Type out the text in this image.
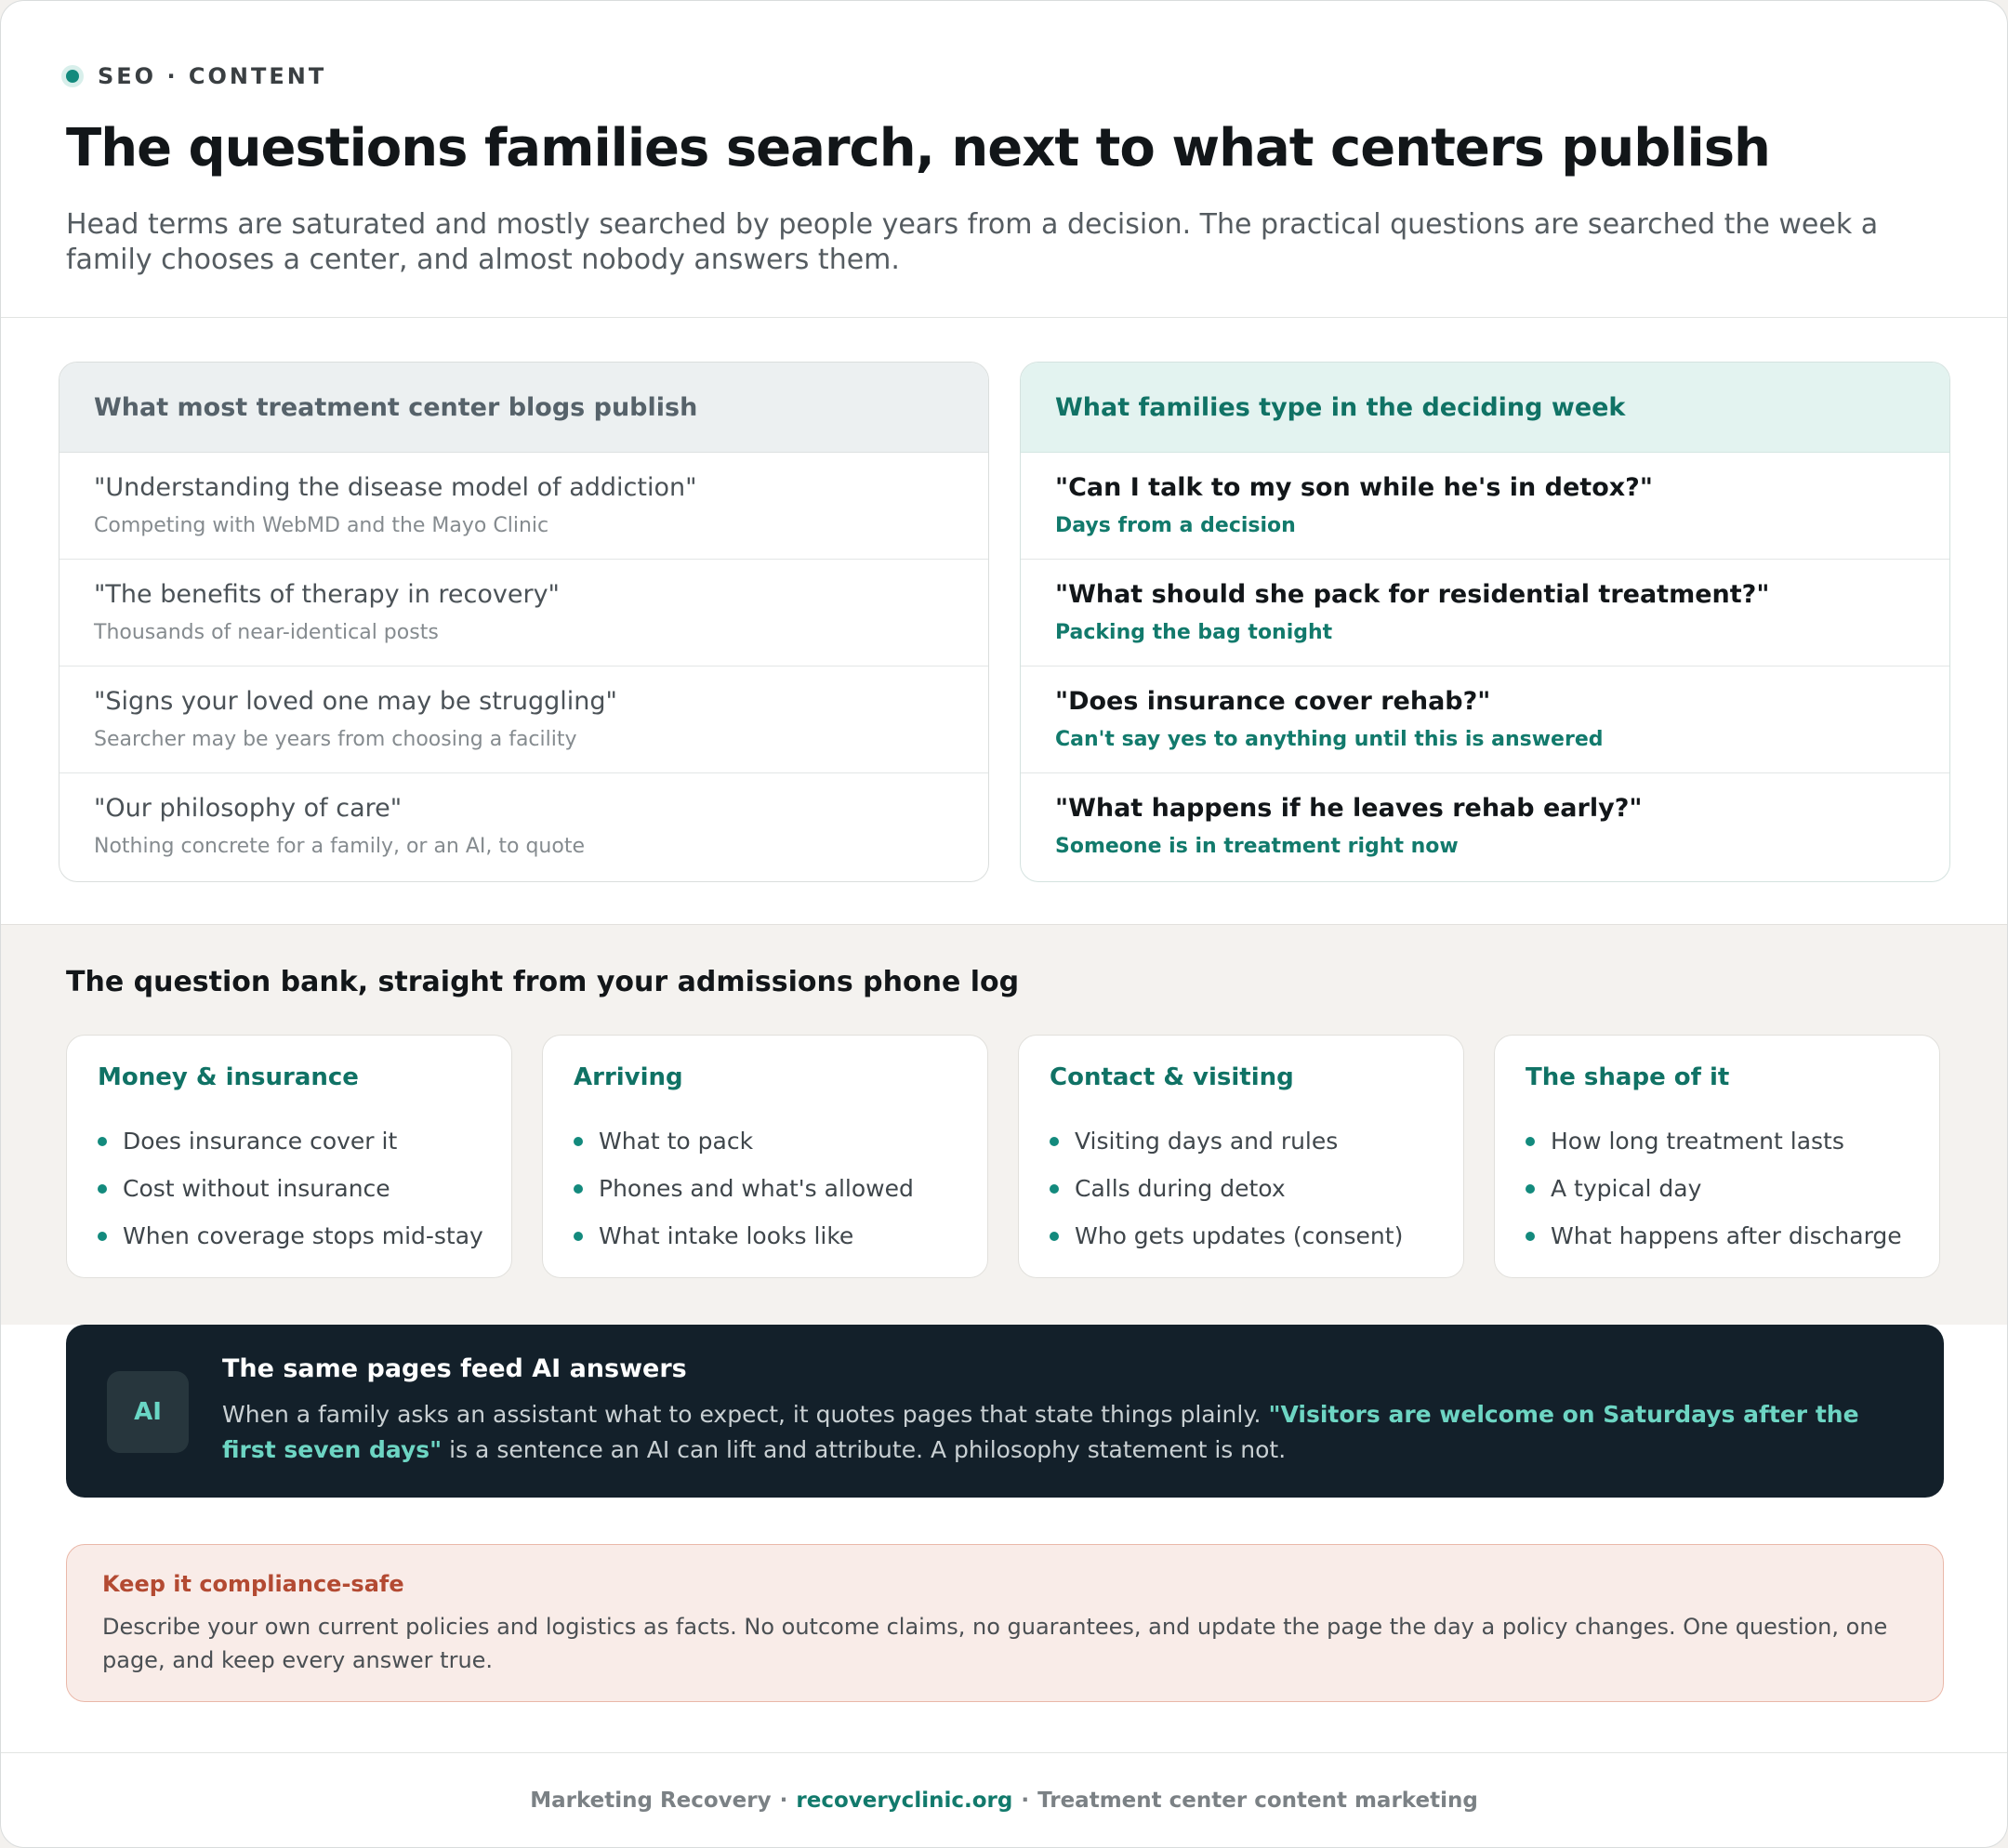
SEO · CONTENT
The questions families search, next to what centers publish
Head terms are saturated and mostly searched by people years from a decision. The practical questions are searched the week a family chooses a center, and almost nobody answers them.
What most treatment center blogs publish
"Understanding the disease model of addiction"
Competing with WebMD and the Mayo Clinic
"The benefits of therapy in recovery"
Thousands of near-identical posts
"Signs your loved one may be struggling"
Searcher may be years from choosing a facility
"Our philosophy of care"
Nothing concrete for a family, or an AI, to quote
What families type in the deciding week
"Can I talk to my son while he's in detox?"
Days from a decision
"What should she pack for residential treatment?"
Packing the bag tonight
"Does insurance cover rehab?"
Can't say yes to anything until this is answered
"What happens if he leaves rehab early?"
Someone is in treatment right now
The question bank, straight from your admissions phone log
Money & insurance
Does insurance cover it
Cost without insurance
When coverage stops mid-stay
Arriving
What to pack
Phones and what's allowed
What intake looks like
Contact & visiting
Visiting days and rules
Calls during detox
Who gets updates (consent)
The shape of it
How long treatment lasts
A typical day
What happens after discharge
AI
The same pages feed AI answers
When a family asks an assistant what to expect, it quotes pages that state things plainly. "Visitors are welcome on Saturdays after the first seven days" is a sentence an AI can lift and attribute. A philosophy statement is not.
Keep it compliance-safe
Describe your own current policies and logistics as facts. No outcome claims, no guarantees, and update the page the day a policy changes. One question, one page, and keep every answer true.
Marketing Recovery · recoveryclinic.org · Treatment center content marketing
